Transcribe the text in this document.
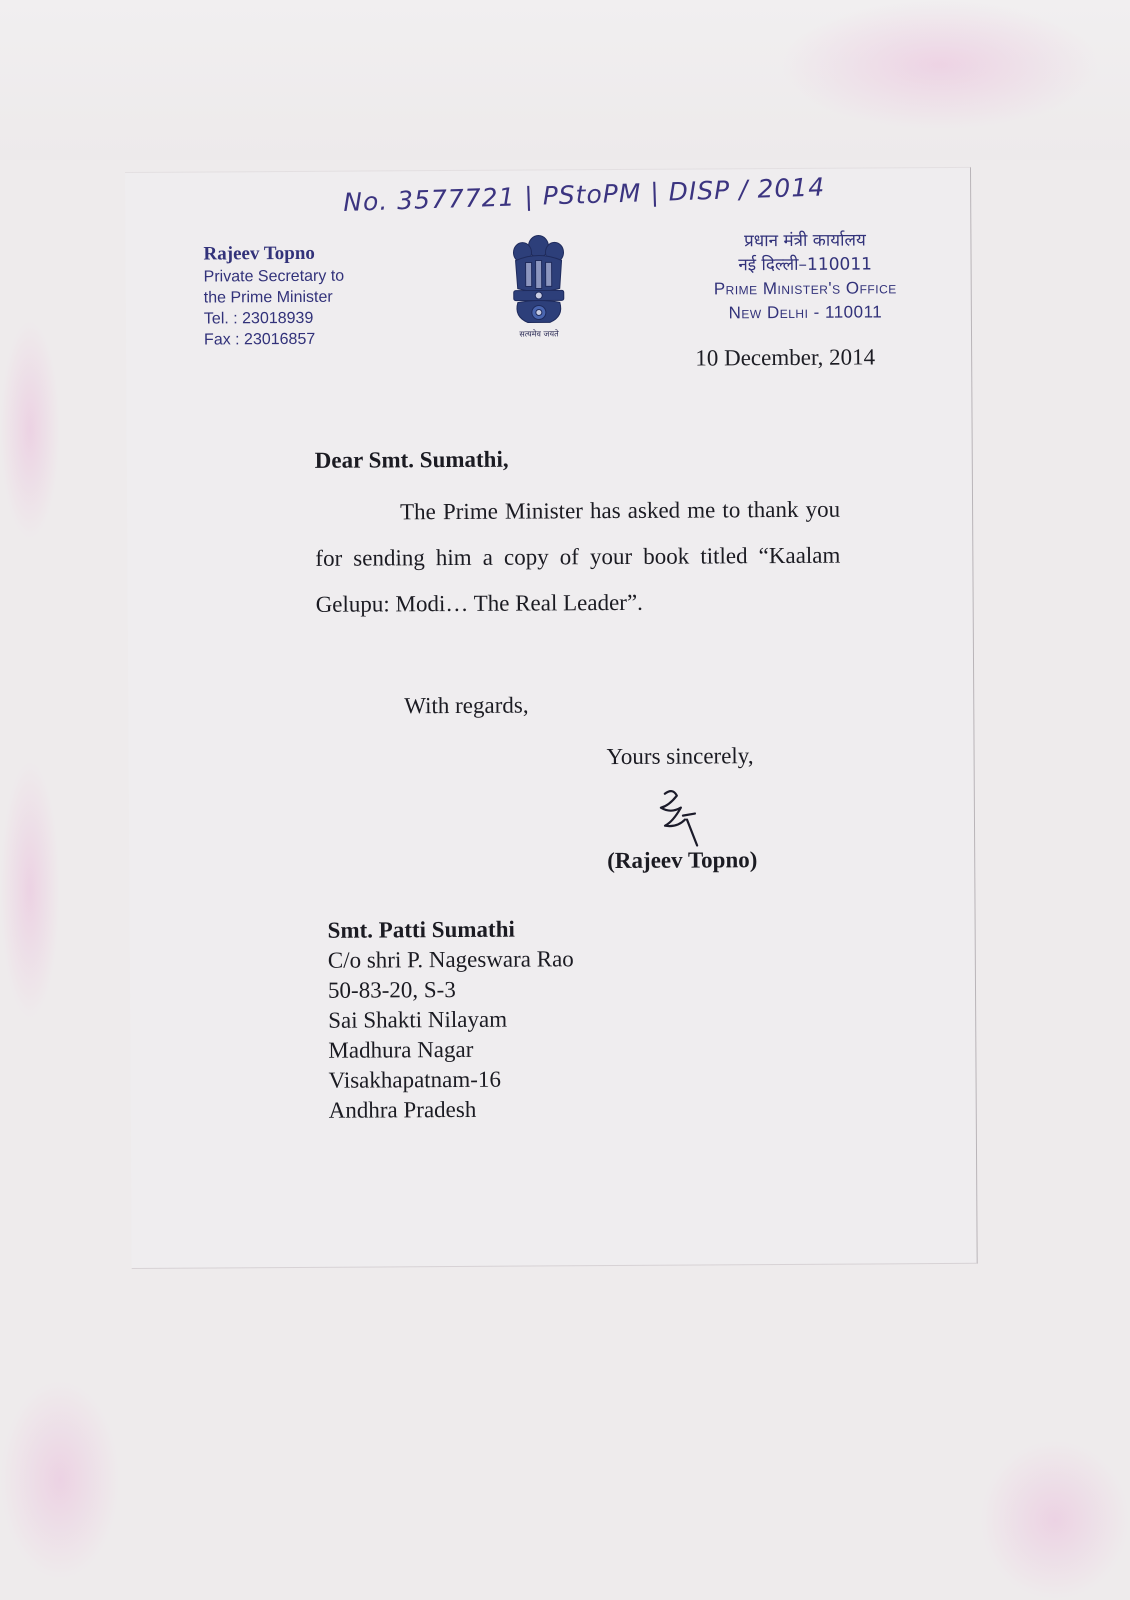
No. 3577721 | PStoPM | DISP / 2014
Rajeev Topno
Private Secretary to
the Prime Minister
Tel. : 23018939
Fax : 23016857	सत्यमेव जयते
प्रधान मंत्री कार्यालय
नई दिल्ली–110011
Prime Minister's Office
New Delhi - 110011
10 December, 2014
Dear Smt. Sumathi,
The Prime Minister has asked me to thank you for sending him a copy of your book titled “Kaalam Gelupu: Modi… The Real Leader”.
With regards,
Yours sincerely,
(Rajeev Topno)
Smt. Patti Sumathi
C/o shri P. Nageswara Rao
50-83-20, S-3
Sai Shakti Nilayam
Madhura Nagar
Visakhapatnam-16
Andhra Pradesh
